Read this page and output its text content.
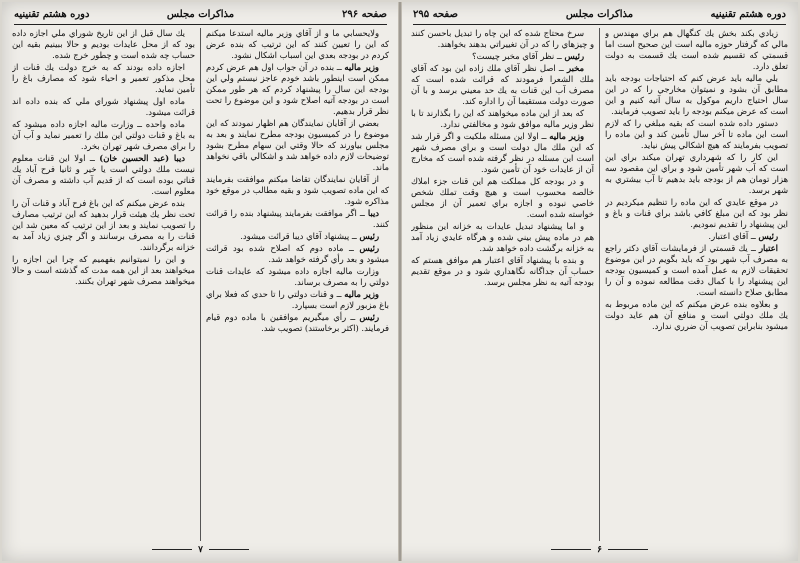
صفحه ۲۹۶
مذاکرات مجلس
دوره هشتم تقنينيه

ولايحسابي ما و از آقاي وزير ماليه استدعا ميكنم كه اين را تعيين كنند كه اين ترتيب كه بنده عرض كردم در بودجه بعدي اين اسباب اشكال نشود.

وزير ماليه ــ بنده در آن جواب اول هم عرض كردم ممكن است اينطور باشد خودم عاجز نيستم ولي اين بودجه اين سال را پيشنهاد كردم كه هر طور ممكن است در بودجه آتيه اصلاح شود و اين موضوع را تحت نظر قرار بدهيم.

بعضي از آقايان نمايندگان هم اظهار نمودند كه اين موضوع را در كميسيون بودجه مطرح نمايند و بعد به مجلس بياورند كه حالا وقتي اين سهام مطرح بشود توضيحات لازم داده خواهد شد و اشكالي باقي نخواهد ماند.

از آقايان نمايندگان تقاضا ميكنم موافقت بفرمايند كه اين ماده تصويب شود و بقيه مطالب در موقع خود مذاكره شود.

ديبا ــ اگر موافقت بفرمايند پيشنهاد بنده را قرائت كنند.

رئيس ــ پيشنهاد آقاي ديبا قرائت ميشود.

رئيس ــ ماده دوم كه اصلاح شده بود قرائت ميشود و بعد رأي گرفته خواهد شد.

وزارت ماليه اجازه داده ميشود كه عايدات قنات دولتي را به مصرف برساند.

وزير ماليه ــ و قنات دولتي را تا حدي كه فعلا براي باغ مزبور لازم است بسپارد.

رئيس ــ رأي ميگيريم موافقين با ماده دوم قيام فرمايند. (اكثر برخاستند) تصويب شد.

يك سال قبل از اين تاريخ شوراي ملي اجازه داده بود كه از محل عايدات بوديم و حالا ببينيم بقيه اين حساب چه شده است و چطور خرج شده.

اجازه داده بودند كه به خرج دولت يك قنات از محل مذكور تعمير و احياء شود كه مصارف باغ را تأمين نمايد.

ماده اول پيشنهاد شوراي ملي كه بنده داده اند قرائت ميشود.

ماده واحده ــ وزارت ماليه اجازه داده ميشود كه به باغ و قنات دولتي اين ملك را تعمير نمايد و آب آن را براي مصرف شهر تهران بخرد.

ديبا (عبد الحسين خان) ــ اولا اين قنات معلوم نيست ملك دولتي است يا خير و ثانيا فرح آباد يك قناتي بوده است كه از قديم آب داشته و مصرف آن معلوم است.

بنده عرض ميكنم كه اين باغ فرح آباد و قنات آن را تحت نظر يك هيئت قرار بدهيد كه اين ترتيب مصارف را تصويب نمايند و بعد از اين ترتيب كه معين شد اين قنات را به مصرف برسانند و اگر چيزي زياد آمد به خزانه برگردانند.

و اين را نميتوانيم بفهميم كه چرا اين اجازه را ميخواهند بعد از اين همه مدت كه گذشته است و حالا ميخواهند مصرف شهر تهران بكنند.

۷
صفحه ۲۹۵	مذاكرات مجلس	دوره هشتم تقنينيه

زيادي بكند بخش يك كنگهال هم براي مهندس و مالي كه گرفتار حوزه ماليه است اين صحيح است اما قسمتي كه تقسيم شده است يك قسمت به دولت تعلق دارد.

بلي ماليه بايد عرض كنم كه احتياجات بودجه بايد مطابق آن بشود و نميتوان مخارجي را كه در اين سال احتياج داريم موكول به سال آتيه كنيم و اين است كه عرض ميكنم بودجه را بايد تصويب فرمايند.

دستور داده شده است كه بقيه مبلغي را كه لازم است اين ماده تا آخر سال تأمين كند و اين ماده را تصويب بفرمايند كه هيچ اشكالي پيش نيايد.

اين كار را كه شهرداري تهران ميكند براي اين است كه آب شهر تأمين شود و براي اين مقصود سه هزار تومان هم از بودجه بايد بدهيم تا آب بيشتري به شهر برسد.

در موقع عايدي كه اين ماده را تنظيم ميكرديم در نظر بود كه اين مبلغ كافي باشد براي قنات و باغ و اين پيشنهاد را تقديم نموديم.

رئيس ــ آقاي اعتبار.

اعتبار ــ يك قسمتي از فرمايشات آقاي دكتر راجع به مصرف آب شهر بود كه بايد بگويم در اين موضوع تحقيقات لازم به عمل آمده است و كميسيون بودجه اين پيشنهاد را با كمال دقت مطالعه نموده و آن را مطابق صلاح دانسته است.

و بعلاوه بنده عرض ميكنم كه اين ماده مربوط به يك ملك دولتي است و منافع آن هم عايد دولت ميشود بنابراين تصويب آن ضرري ندارد.

سرخ محتاج شده كه اين چاه را تبديل باحسن كنند و چيزهاي را كه در آن تغييراتي بدهند بخواهند.

رئيس ــ نظر آقاي مخبر چيست؟

مخبر ــ اصل نظر آقاي ملك زاده اين بود كه آقاي ملك الشعرا فرمودند كه قرائت شده است كه مصرف آب اين قنات به يك حد معيني برسد و با آن صورت دولت مستقيما آن را اداره كند.

كه بعد از اين ماده ميخواهند كه اين را بگذارند تا با نظر وزير ماليه موافق شود و مخالفتي ندارد.

وزير ماليه ــ اولا اين مسئله ملكيت و اگر قرار شد كه اين ملك مال دولت است و براي مصرف شهر است اين مسئله در نظر گرفته شده است كه مخارج آن از عايدات خود آن تأمين شود.

و در بودجه كل مملكت هم اين قنات جزء املاك خالصه محسوب است و هيچ وقت تملك شخص خاصي نبوده و اجازه براي تعمير آن از مجلس خواسته شده است.

و اما پيشنهاد تبديل عايدات به خزانه اين منظور هم در ماده پيش بيني شده و هرگاه عايدي زياد آمد به خزانه برگشت داده خواهد شد.

و بنده با پيشنهاد آقاي اعتبار هم موافق هستم كه حساب آن جداگانه نگاهداري شود و در موقع تقديم بودجه آتيه به نظر مجلس برسد.

۶
